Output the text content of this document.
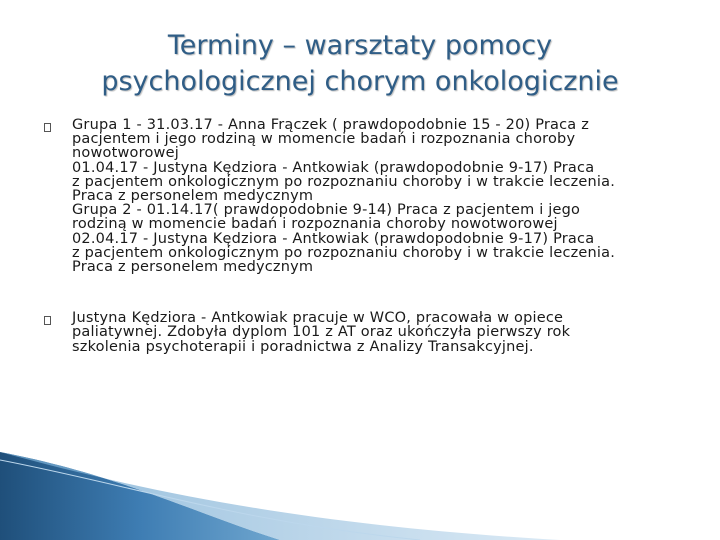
Terminy – warsztaty pomocy
psychologicznej chorym onkologicznie
Grupa 1 - 31.03.17 - Anna Frączek ( prawdopodobnie 15 - 20) Praca z
pacjentem i jego rodziną w momencie badań i rozpoznania choroby
nowotworowej
01.04.17 - Justyna Kędziora - Antkowiak (prawdopodobnie 9-17) Praca
z pacjentem onkologicznym po rozpoznaniu choroby i w trakcie leczenia.
Praca z personelem medycznym
Grupa 2 - 01.14.17( prawdopodobnie 9-14) Praca z pacjentem i jego
rodziną w momencie badań i rozpoznania choroby nowotworowej
02.04.17 - Justyna Kędziora - Antkowiak (prawdopodobnie 9-17) Praca
z pacjentem onkologicznym po rozpoznaniu choroby i w trakcie leczenia.
Praca z personelem medycznym
Justyna Kędziora - Antkowiak pracuje w WCO, pracowała w opiece
paliatywnej. Zdobyła dyplom 101 z AT oraz ukończyła pierwszy rok
szkolenia psychoterapii i poradnictwa z Analizy Transakcyjnej.
